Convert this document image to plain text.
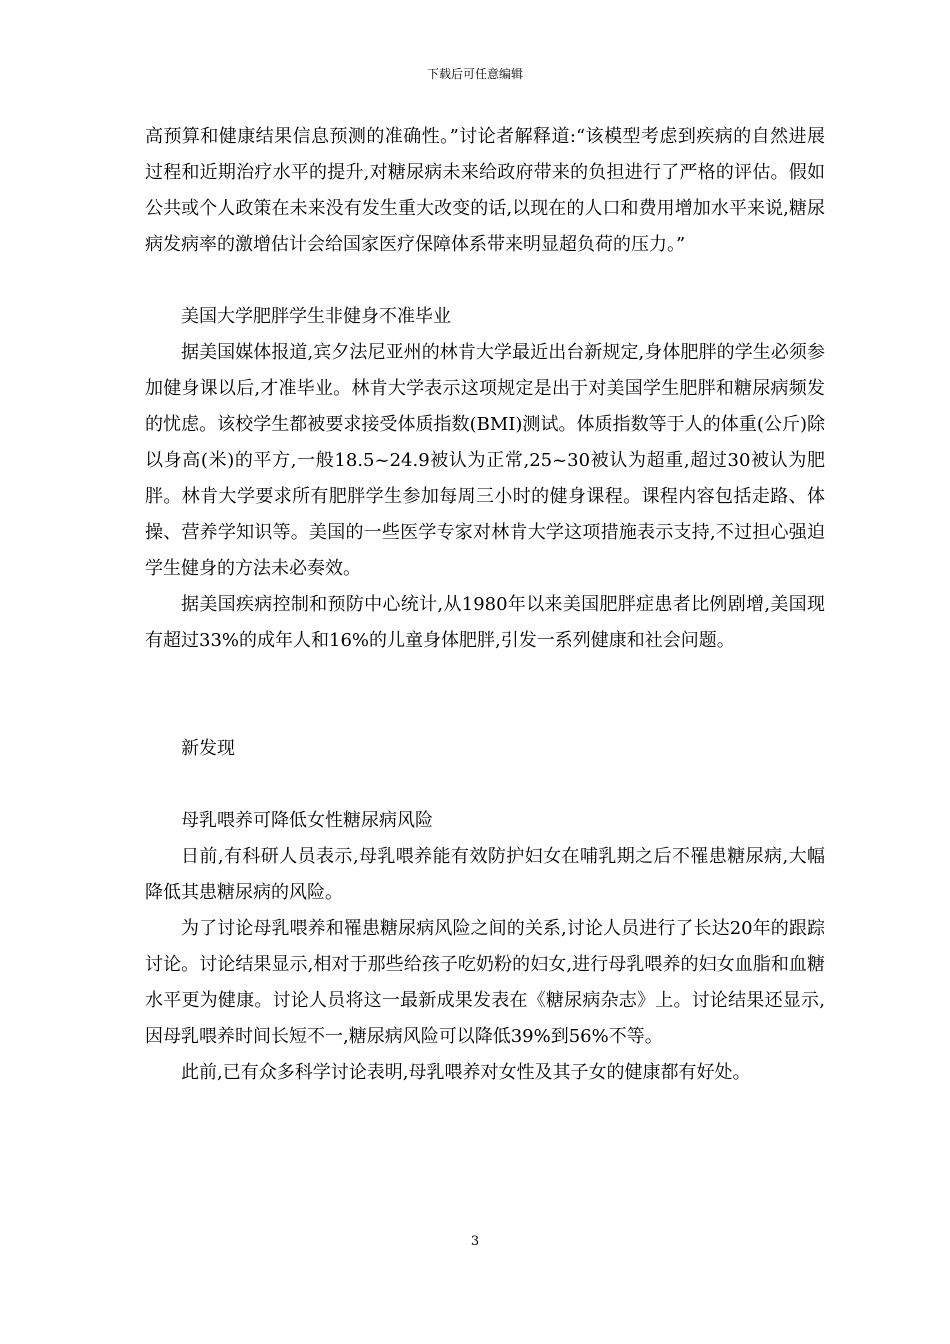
下载后可任意编辑

高预算和健康结果信息预测的准确性。”讨论者解释道:“该模型考虑到疾病的自然进展过程和近期治疗水平的提升,对糖尿病未来给政府带来的负担进行了严格的评估。假如公共或个人政策在未来没有发生重大改变的话,以现在的人口和费用增加水平来说,糖尿病发病率的激增估计会给国家医疗保障体系带来明显超负荷的压力。”

美国大学肥胖学生非健身不准毕业

据美国媒体报道,宾夕法尼亚州的林肯大学最近出台新规定,身体肥胖的学生必须参加健身课以后,才准毕业。林肯大学表示这项规定是出于对美国学生肥胖和糖尿病频发的忧虑。该校学生都被要求接受体质指数(BMI)测试。体质指数等于人的体重(公斤)除以身高(米)的平方,一般18.5~24.9被认为正常,25~30被认为超重,超过30被认为肥胖。林肯大学要求所有肥胖学生参加每周三小时的健身课程。课程内容包括走路、体操、营养学知识等。美国的一些医学专家对林肯大学这项措施表示支持,不过担心强迫学生健身的方法未必奏效。

据美国疾病控制和预防中心统计,从1980年以来美国肥胖症患者比例剧增,美国现有超过33%的成年人和16%的儿童身体肥胖,引发一系列健康和社会问题。

新发现

母乳喂养可降低女性糖尿病风险

日前,有科研人员表示,母乳喂养能有效防护妇女在哺乳期之后不罹患糖尿病,大幅降低其患糖尿病的风险。

为了讨论母乳喂养和罹患糖尿病风险之间的关系,讨论人员进行了长达20年的跟踪讨论。讨论结果显示,相对于那些给孩子吃奶粉的妇女,进行母乳喂养的妇女血脂和血糖水平更为健康。讨论人员将这一最新成果发表在《糖尿病杂志》上。讨论结果还显示,因母乳喂养时间长短不一,糖尿病风险可以降低39%到56%不等。

此前,已有众多科学讨论表明,母乳喂养对女性及其子女的健康都有好处。

3
